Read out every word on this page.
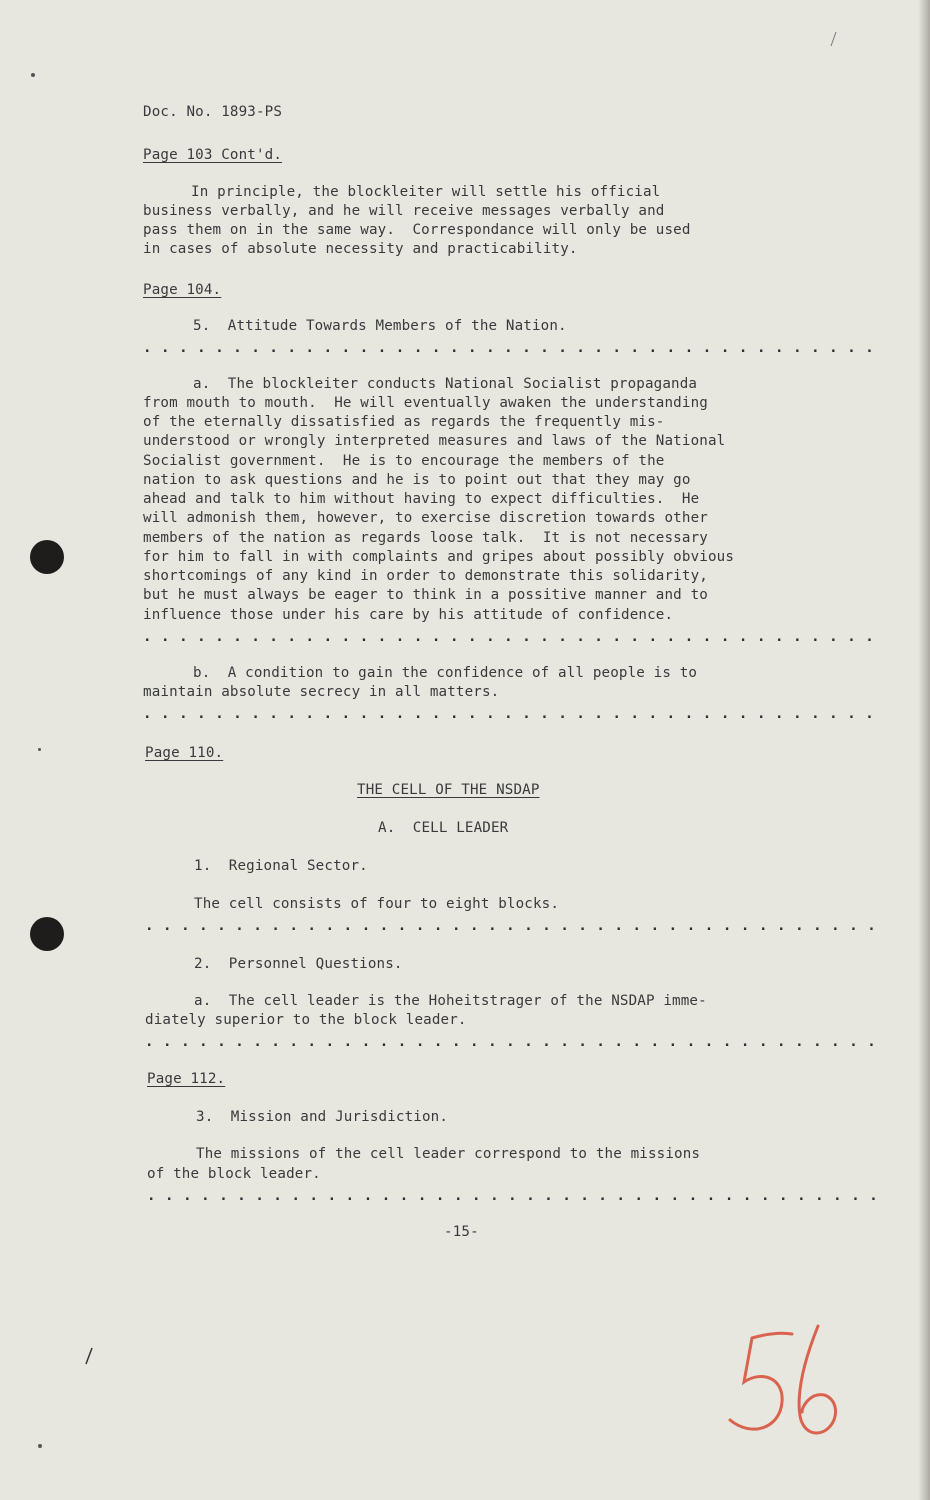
Doc. No. 1893-PS
Page 103 Cont'd.
In principle, the blockleiter will settle his official
business verbally, and he will receive messages verbally and
pass them on in the same way.  Correspondance will only be used
in cases of absolute necessity and practicability.
Page 104.
5.  Attitude Towards Members of the Nation.
. . . . . . . . . . . . . . . . . . . . . . . . . . . . . . . . . . . . . . . . .
a.  The blockleiter conducts National Socialist propaganda
from mouth to mouth.  He will eventually awaken the understanding
of the eternally dissatisfied as regards the frequently mis-
understood or wrongly interpreted measures and laws of the National
Socialist government.  He is to encourage the members of the
nation to ask questions and he is to point out that they may go
ahead and talk to him without having to expect difficulties.  He
will admonish them, however, to exercise discretion towards other
members of the nation as regards loose talk.  It is not necessary
for him to fall in with complaints and gripes about possibly obvious
shortcomings of any kind in order to demonstrate this solidarity,
but he must always be eager to think in a possitive manner and to
influence those under his care by his attitude of confidence.
. . . . . . . . . . . . . . . . . . . . . . . . . . . . . . . . . . . . . . . . .
b.  A condition to gain the confidence of all people is to
maintain absolute secrecy in all matters.
. . . . . . . . . . . . . . . . . . . . . . . . . . . . . . . . . . . . . . . . .
Page 110.
THE CELL OF THE NSDAP
A.  CELL LEADER
1.  Regional Sector.
The cell consists of four to eight blocks.
. . . . . . . . . . . . . . . . . . . . . . . . . . . . . . . . . . . . . . . . .
2.  Personnel Questions.
a.  The cell leader is the Hoheitstrager of the NSDAP imme-
diately superior to the block leader.
. . . . . . . . . . . . . . . . . . . . . . . . . . . . . . . . . . . . . . . . .
Page 112.
3.  Mission and Jurisdiction.
The missions of the cell leader correspond to the missions
of the block leader.
. . . . . . . . . . . . . . . . . . . . . . . . . . . . . . . . . . . . . . . . .
-15-
